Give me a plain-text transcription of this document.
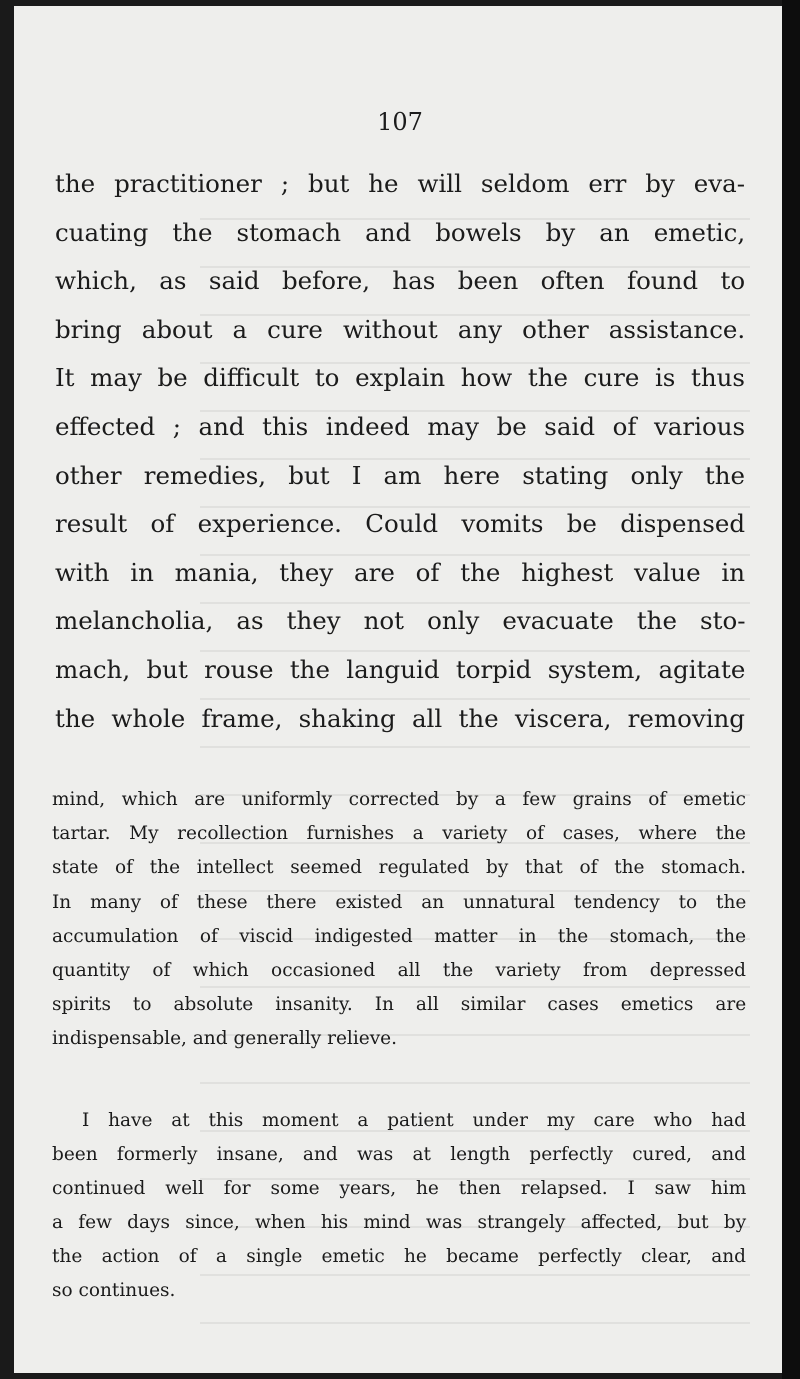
107
the practitioner ; but he will seldom err by eva-
cuating the stomach and bowels by an emetic,
which, as said before, has been often found to
bring about a cure without any other assistance.
It may be difficult to explain how the cure is thus
effected ; and this indeed may be said of various
other remedies, but I am here stating only the
result of experience. Could vomits be dispensed
with in mania, they are of the highest value in
melancholia, as they not only evacuate the sto-
mach, but rouse the languid torpid system, agitate
the whole frame, shaking all the viscera, removing
mind, which are uniformly corrected by a few grains of emetic
tartar. My recollection furnishes a variety of cases, where the
state of the intellect seemed regulated by that of the stomach.
In many of these there existed an unnatural tendency to the
accumulation of viscid indigested matter in the stomach, the
quantity of which occasioned all the variety from depressed
spirits to absolute insanity. In all similar cases emetics are
indispensable, and generally relieve.
I have at this moment a patient under my care who had
been formerly insane, and was at length perfectly cured, and
continued well for some years, he then relapsed. I saw him
a few days since, when his mind was strangely affected, but by
the action of a single emetic he became perfectly clear, and
so continues.
